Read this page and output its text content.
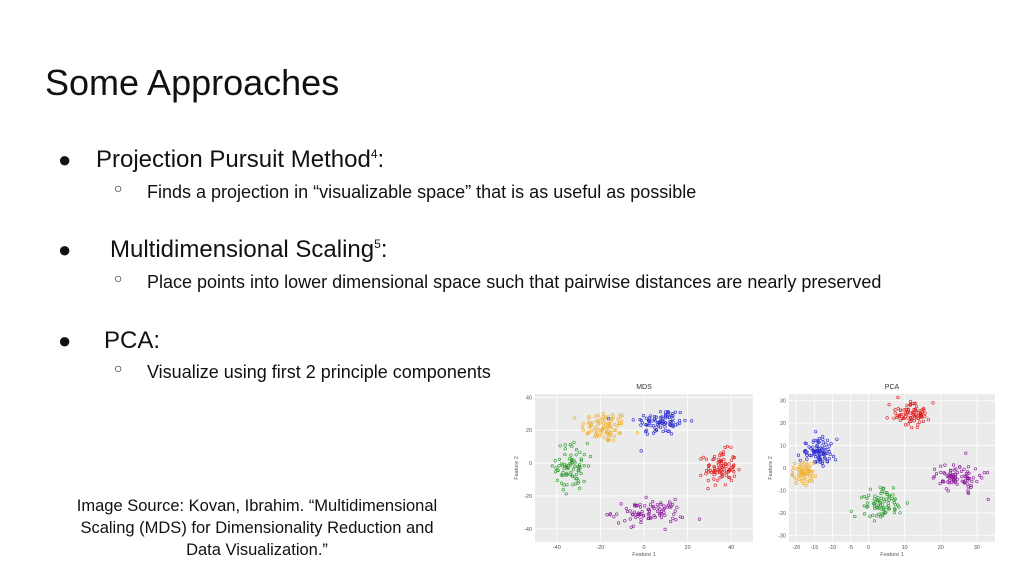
Some Approaches
● Projection Pursuit Method$^4$:
○ Finds a projection in “visualizable space” that is as useful as possible
● Multidimensional Scaling$^5$:
○ Place points into lower dimensional space such that pairwise distances are nearly preserved
● PCA:
○ Visualize using first 2 principle components
Image Source: Kovan, Ibrahim. “Multidimensional Scaling (MDS) for Dimensionality Reduction and Data Visualization.”
MDS
-40	-20	0	20	40
40
20
0
-20
-40
Feature 1
Feature 2
PCA
-20 -15 -10 -5	0	10	20	30
30
20
10
0
-10
-20
-30
Feature 1
Feature 2
